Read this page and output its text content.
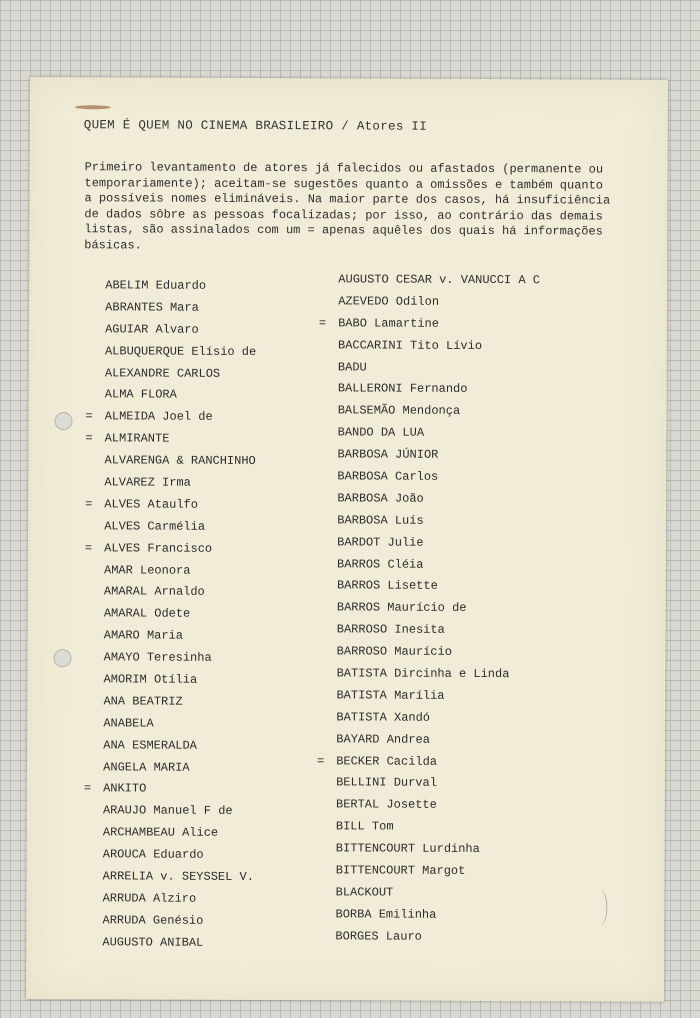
QUEM É QUEM NO CINEMA BRASILEIRO / Atores II
Primeiro levantamento de atores já falecidos ou afastados (permanente ou
temporariamente); aceitam-se sugestões quanto a omissões e também quanto
a possíveis nomes elimináveis. Na maior parte dos casos, há insuficiência
de dados sôbre as pessoas focalizadas; por isso, ao contrário das demais
listas, são assinalados com um = apenas aquêles dos quais há informações
básicas.
ABELIM Eduardo
ABRANTES Mara
AGUIAR Alvaro
ALBUQUERQUE Elísio de
ALEXANDRE CARLOS
ALMA FLORA
= ALMEIDA Joel de
= ALMIRANTE
ALVARENGA & RANCHINHO
ALVAREZ Irma
= ALVES Ataulfo
ALVES Carmélia
= ALVES Francisco
AMAR Leonora
AMARAL Arnaldo
AMARAL Odete
AMARO Maria
AMAYO Teresinha
AMORIM Otília
ANA BEATRIZ
ANABELA
ANA ESMERALDA
ANGELA MARIA
= ANKITO
ARAUJO Manuel F de
ARCHAMBEAU Alice
AROUCA Eduardo
ARRELIA v. SEYSSEL V.
ARRUDA Alziro
ARRUDA Genésio
AUGUSTO ANIBAL
AUGUSTO CESAR v. VANUCCI A C
AZEVEDO Odilon
= BABO Lamartine
BACCARINI Tito Lívio
BADU
BALLERONI Fernando
BALSEMÃO Mendonça
BANDO DA LUA
BARBOSA JÚNIOR
BARBOSA Carlos
BARBOSA João
BARBOSA Luís
BARDOT Julie
BARROS Cléia
BARROS Lisette
BARROS Maurício de
BARROSO Inesita
BARROSO Maurício
BATISTA Dircinha e Linda
BATISTA Marília
BATISTA Xandó
BAYARD Andrea
= BECKER Cacilda
BELLINI Durval
BERTAL Josette
BILL Tom
BITTENCOURT Lurdinha
BITTENCOURT Margot
BLACKOUT
BORBA Emilinha
BORGES Lauro
